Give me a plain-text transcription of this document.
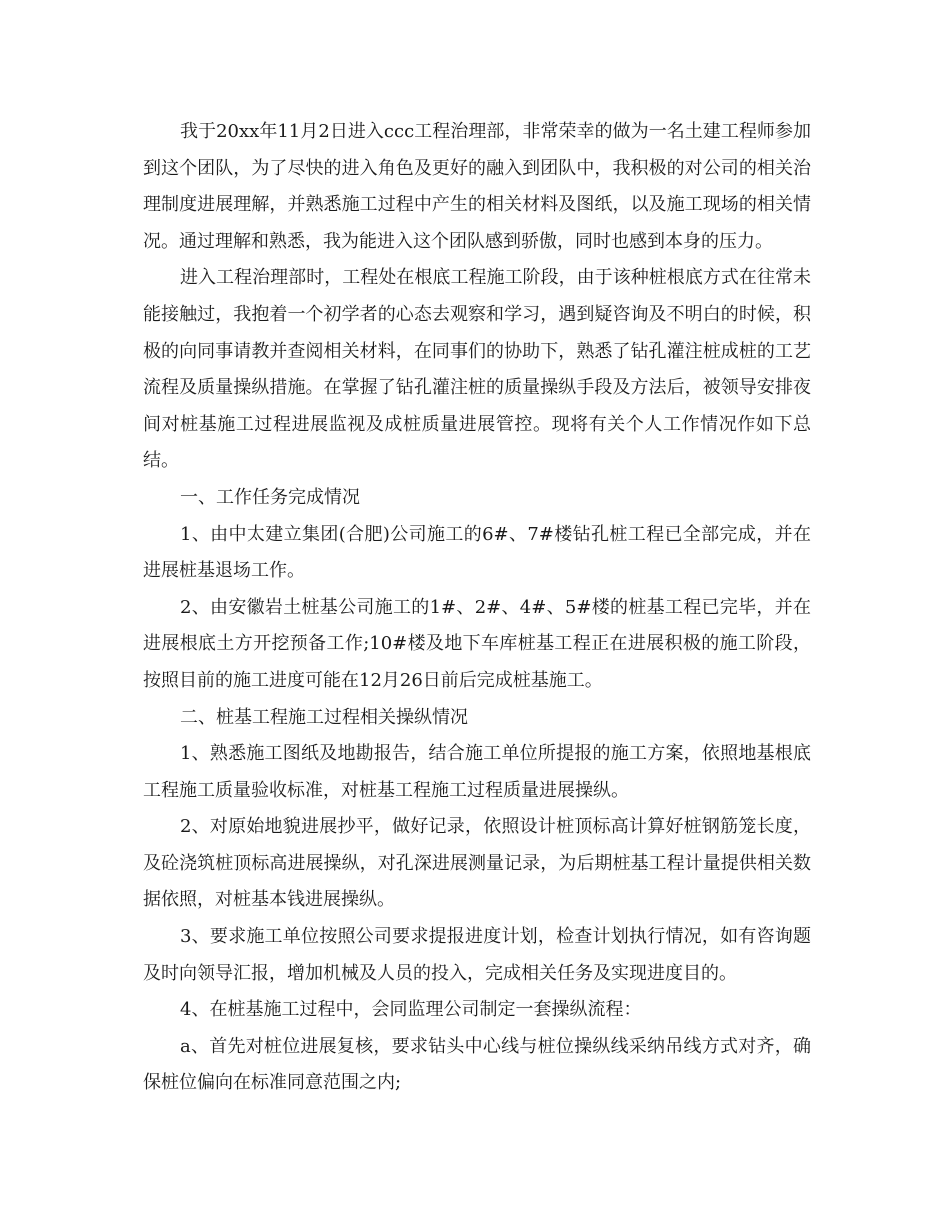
我于20xx年11月2日进入ccc工程治理部，非常荣幸的做为一名土建工程师参加到这个团队，为了尽快的进入角色及更好的融入到团队中，我积极的对公司的相关治理制度进展理解，并熟悉施工过程中产生的相关材料及图纸，以及施工现场的相关情况。通过理解和熟悉，我为能进入这个团队感到骄傲，同时也感到本身的压力。

进入工程治理部时，工程处在根底工程施工阶段，由于该种桩根底方式在往常未能接触过，我抱着一个初学者的心态去观察和学习，遇到疑咨询及不明白的时候，积极的向同事请教并查阅相关材料，在同事们的协助下，熟悉了钻孔灌注桩成桩的工艺流程及质量操纵措施。在掌握了钻孔灌注桩的质量操纵手段及方法后，被领导安排夜间对桩基施工过程进展监视及成桩质量进展管控。现将有关个人工作情况作如下总结。

一、工作任务完成情况

1、由中太建立集团(合肥)公司施工的6#、7#楼钻孔桩工程已全部完成，并在进展桩基退场工作。

2、由安徽岩土桩基公司施工的1#、2#、4#、5#楼的桩基工程已完毕，并在进展根底土方开挖预备工作;10#楼及地下车库桩基工程正在进展积极的施工阶段，按照目前的施工进度可能在12月26日前后完成桩基施工。

二、桩基工程施工过程相关操纵情况

1、熟悉施工图纸及地勘报告，结合施工单位所提报的施工方案，依照地基根底工程施工质量验收标准，对桩基工程施工过程质量进展操纵。

2、对原始地貌进展抄平，做好记录，依照设计桩顶标高计算好桩钢筋笼长度，及砼浇筑桩顶标高进展操纵，对孔深进展测量记录，为后期桩基工程计量提供相关数据依照，对桩基本钱进展操纵。

3、要求施工单位按照公司要求提报进度计划，检查计划执行情况，如有咨询题及时向领导汇报，增加机械及人员的投入，完成相关任务及实现进度目的。

4、在桩基施工过程中，会同监理公司制定一套操纵流程：

a、首先对桩位进展复核，要求钻头中心线与桩位操纵线采纳吊线方式对齐，确保桩位偏向在标准同意范围之内;
